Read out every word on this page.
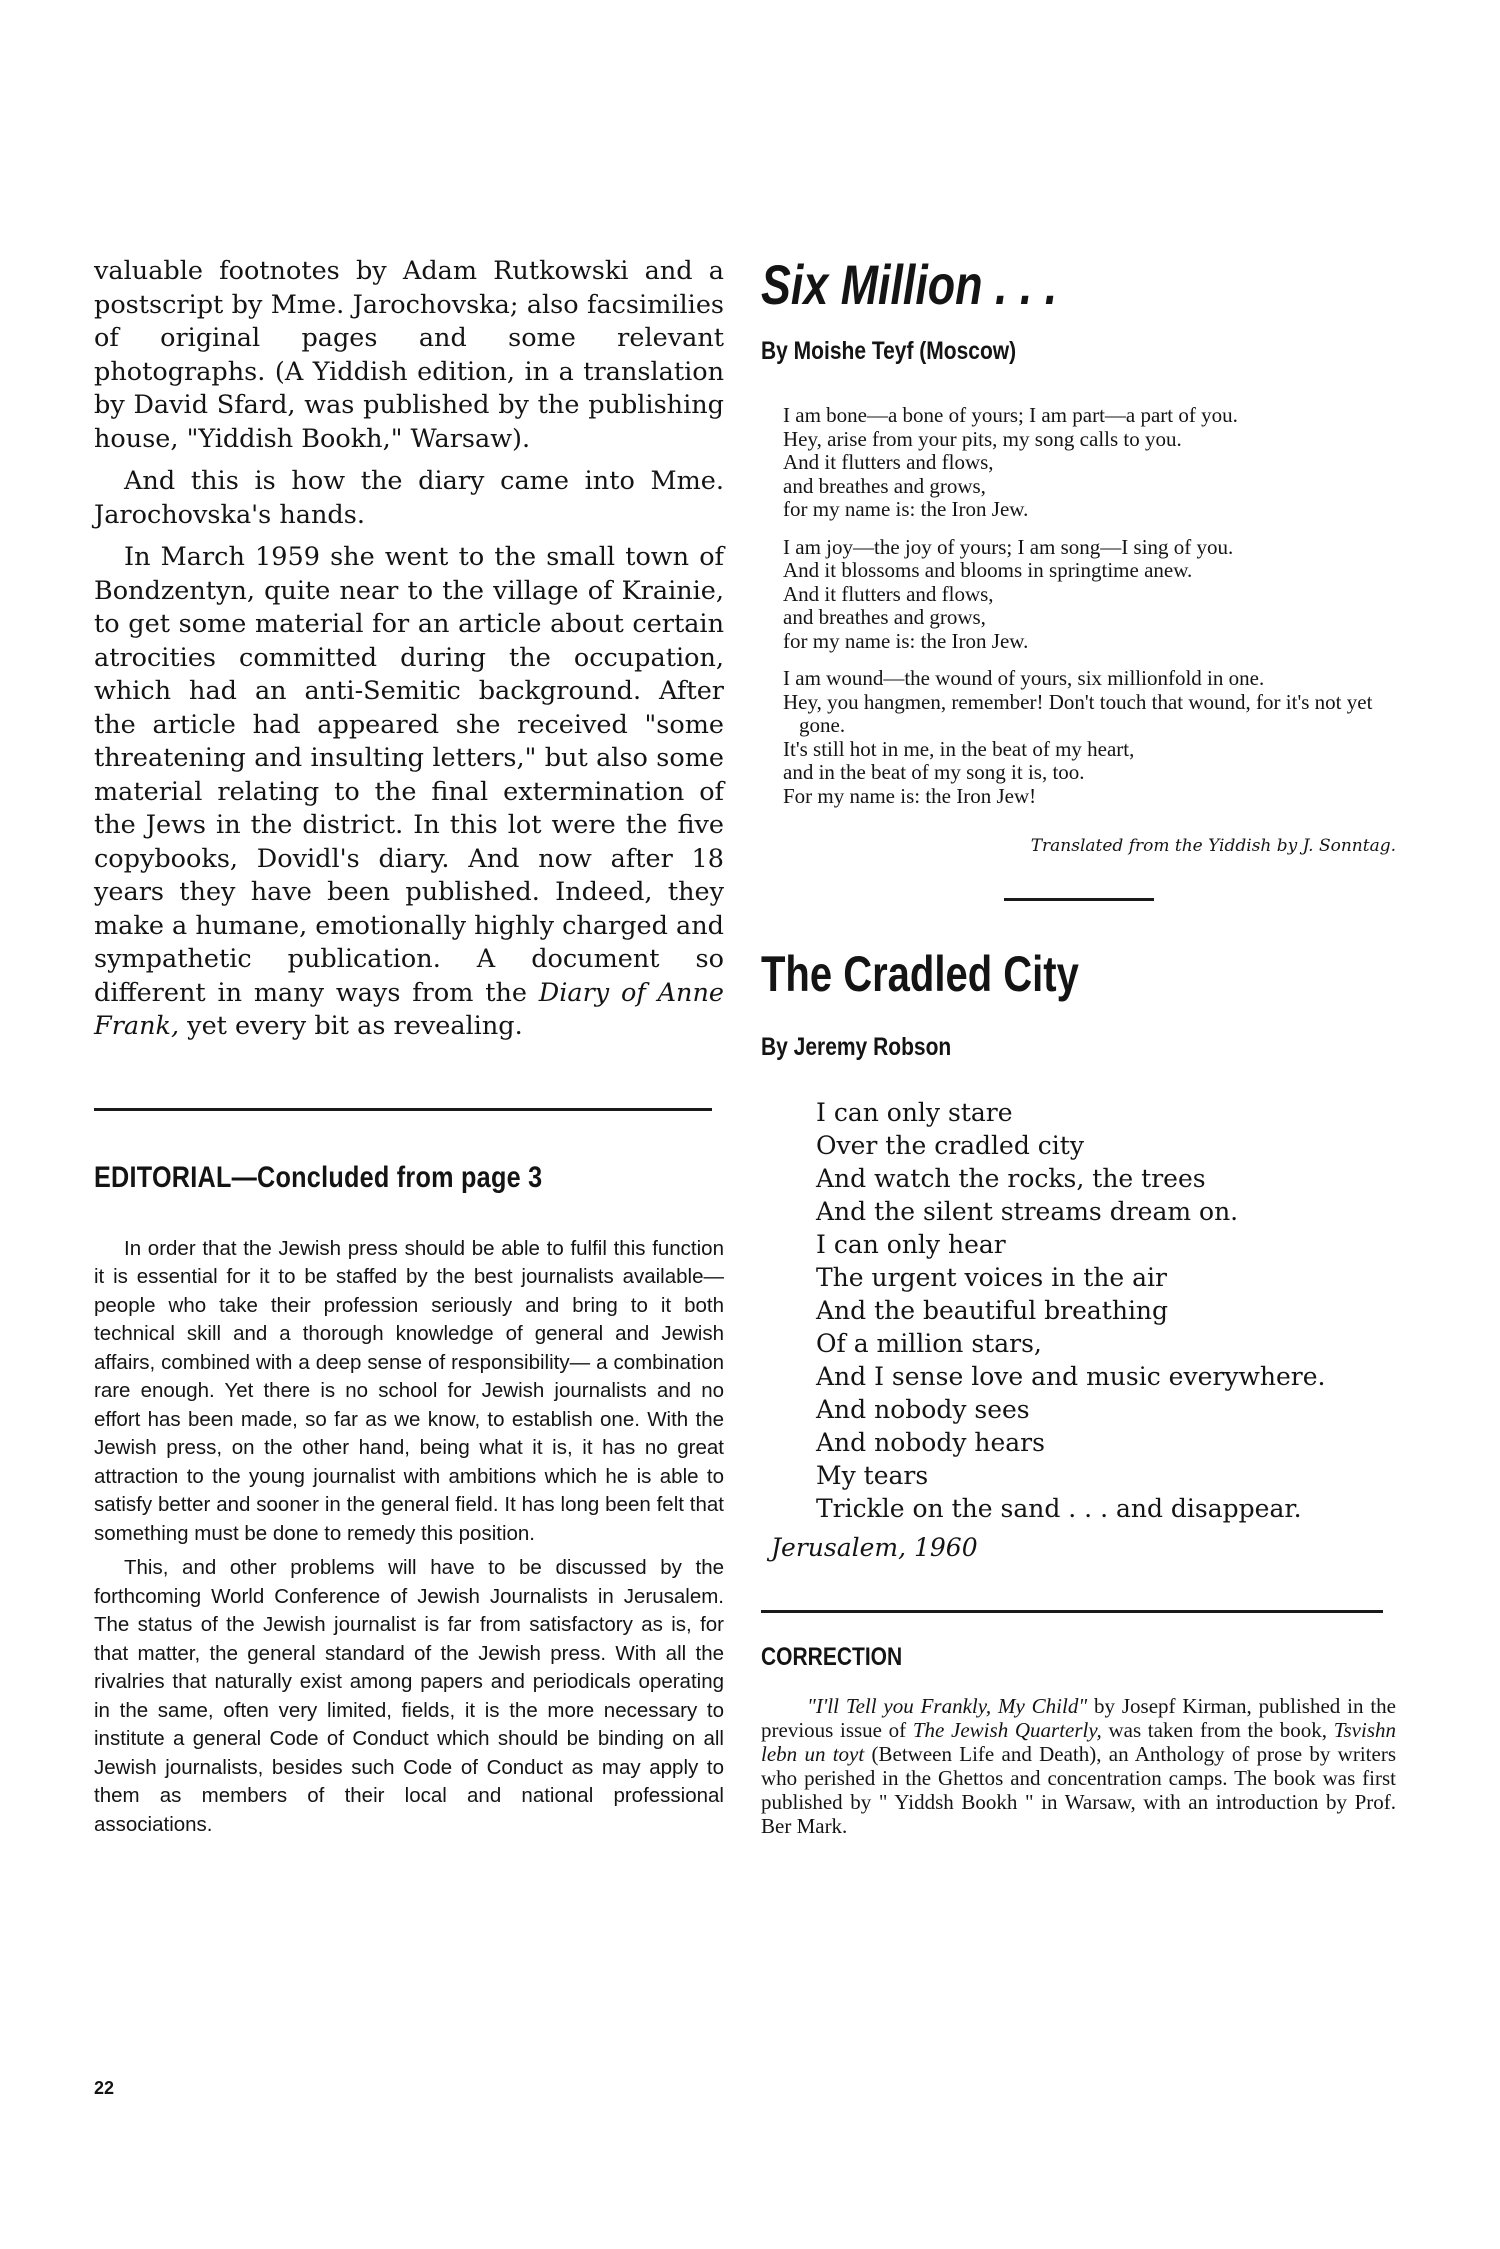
valuable footnotes by Adam Rutkowski and a postscript by Mme. Jarochovska; also facsimilies of original pages and some relevant photographs. (A Yiddish edition, in a translation by David Sfard, was published by the publishing house, "Yiddish Bookh," Warsaw).

And this is how the diary came into Mme. Jarochovska's hands.

In March 1959 she went to the small town of Bondzentyn, quite near to the village of Krainie, to get some material for an article about certain atrocities committed during the occupation, which had an anti-Semitic background. After the article had appeared she received "some threatening and insulting letters," but also some material relating to the final extermination of the Jews in the district. In this lot were the five copybooks, Dovidl's diary. And now after 18 years they have been published. Indeed, they make a humane, emotionally highly charged and sympathetic publication. A document so different in many ways from the Diary of Anne Frank, yet every bit as revealing.

EDITORIAL—Concluded from page 3

In order that the Jewish press should be able to fulfil this function it is essential for it to be staffed by the best journalists available—people who take their profession seriously and bring to it both technical skill and a thorough knowledge of general and Jewish affairs, combined with a deep sense of responsibility— a combination rare enough. Yet there is no school for Jewish journalists and no effort has been made, so far as we know, to establish one. With the Jewish press, on the other hand, being what it is, it has no great attraction to the young journalist with ambitions which he is able to satisfy better and sooner in the general field. It has long been felt that something must be done to remedy this position.

This, and other problems will have to be discussed by the forthcoming World Conference of Jewish Journalists in Jerusalem. The status of the Jewish journalist is far from satisfactory as is, for that matter, the general standard of the Jewish press. With all the rivalries that naturally exist among papers and periodicals operating in the same, often very limited, fields, it is the more necessary to institute a general Code of Conduct which should be binding on all Jewish journalists, besides such Code of Conduct as may apply to them as members of their local and national professional associations.

22
Six Million . . .

By Moishe Teyf (Moscow)

I am bone—a bone of yours; I am part—a part of you.
Hey, arise from your pits, my song calls to you.
And it flutters and flows,
and breathes and grows,
for my name is: the Iron Jew.
I am joy—the joy of yours; I am song—I sing of you.
And it blossoms and blooms in springtime anew.
And it flutters and flows,
and breathes and grows,
for my name is: the Iron Jew.
I am wound—the wound of yours, six millionfold in one.
Hey, you hangmen, remember! Don't touch that wound, for it's not yet gone.
It's still hot in me, in the beat of my heart,
and in the beat of my song it is, too.
For my name is: the Iron Jew!

Translated from the Yiddish by J. Sonntag.

The Cradled City

By Jeremy Robson

I can only stare
Over the cradled city
And watch the rocks, the trees
And the silent streams dream on.
I can only hear
The urgent voices in the air
And the beautiful breathing
Of a million stars,
And I sense love and music everywhere.
And nobody sees
And nobody hears
My tears
Trickle on the sand . . . and disappear.
Jerusalem, 1960
CORRECTION

"I'll Tell you Frankly, My Child" by Josepf Kirman, published in the previous issue of The Jewish Quarterly, was taken from the book, Tsvishn lebn un toyt (Between Life and Death), an Anthology of prose by writers who perished in the Ghettos and concentration camps. The book was first published by " Yiddsh Bookh " in Warsaw, with an introduction by Prof. Ber Mark.
